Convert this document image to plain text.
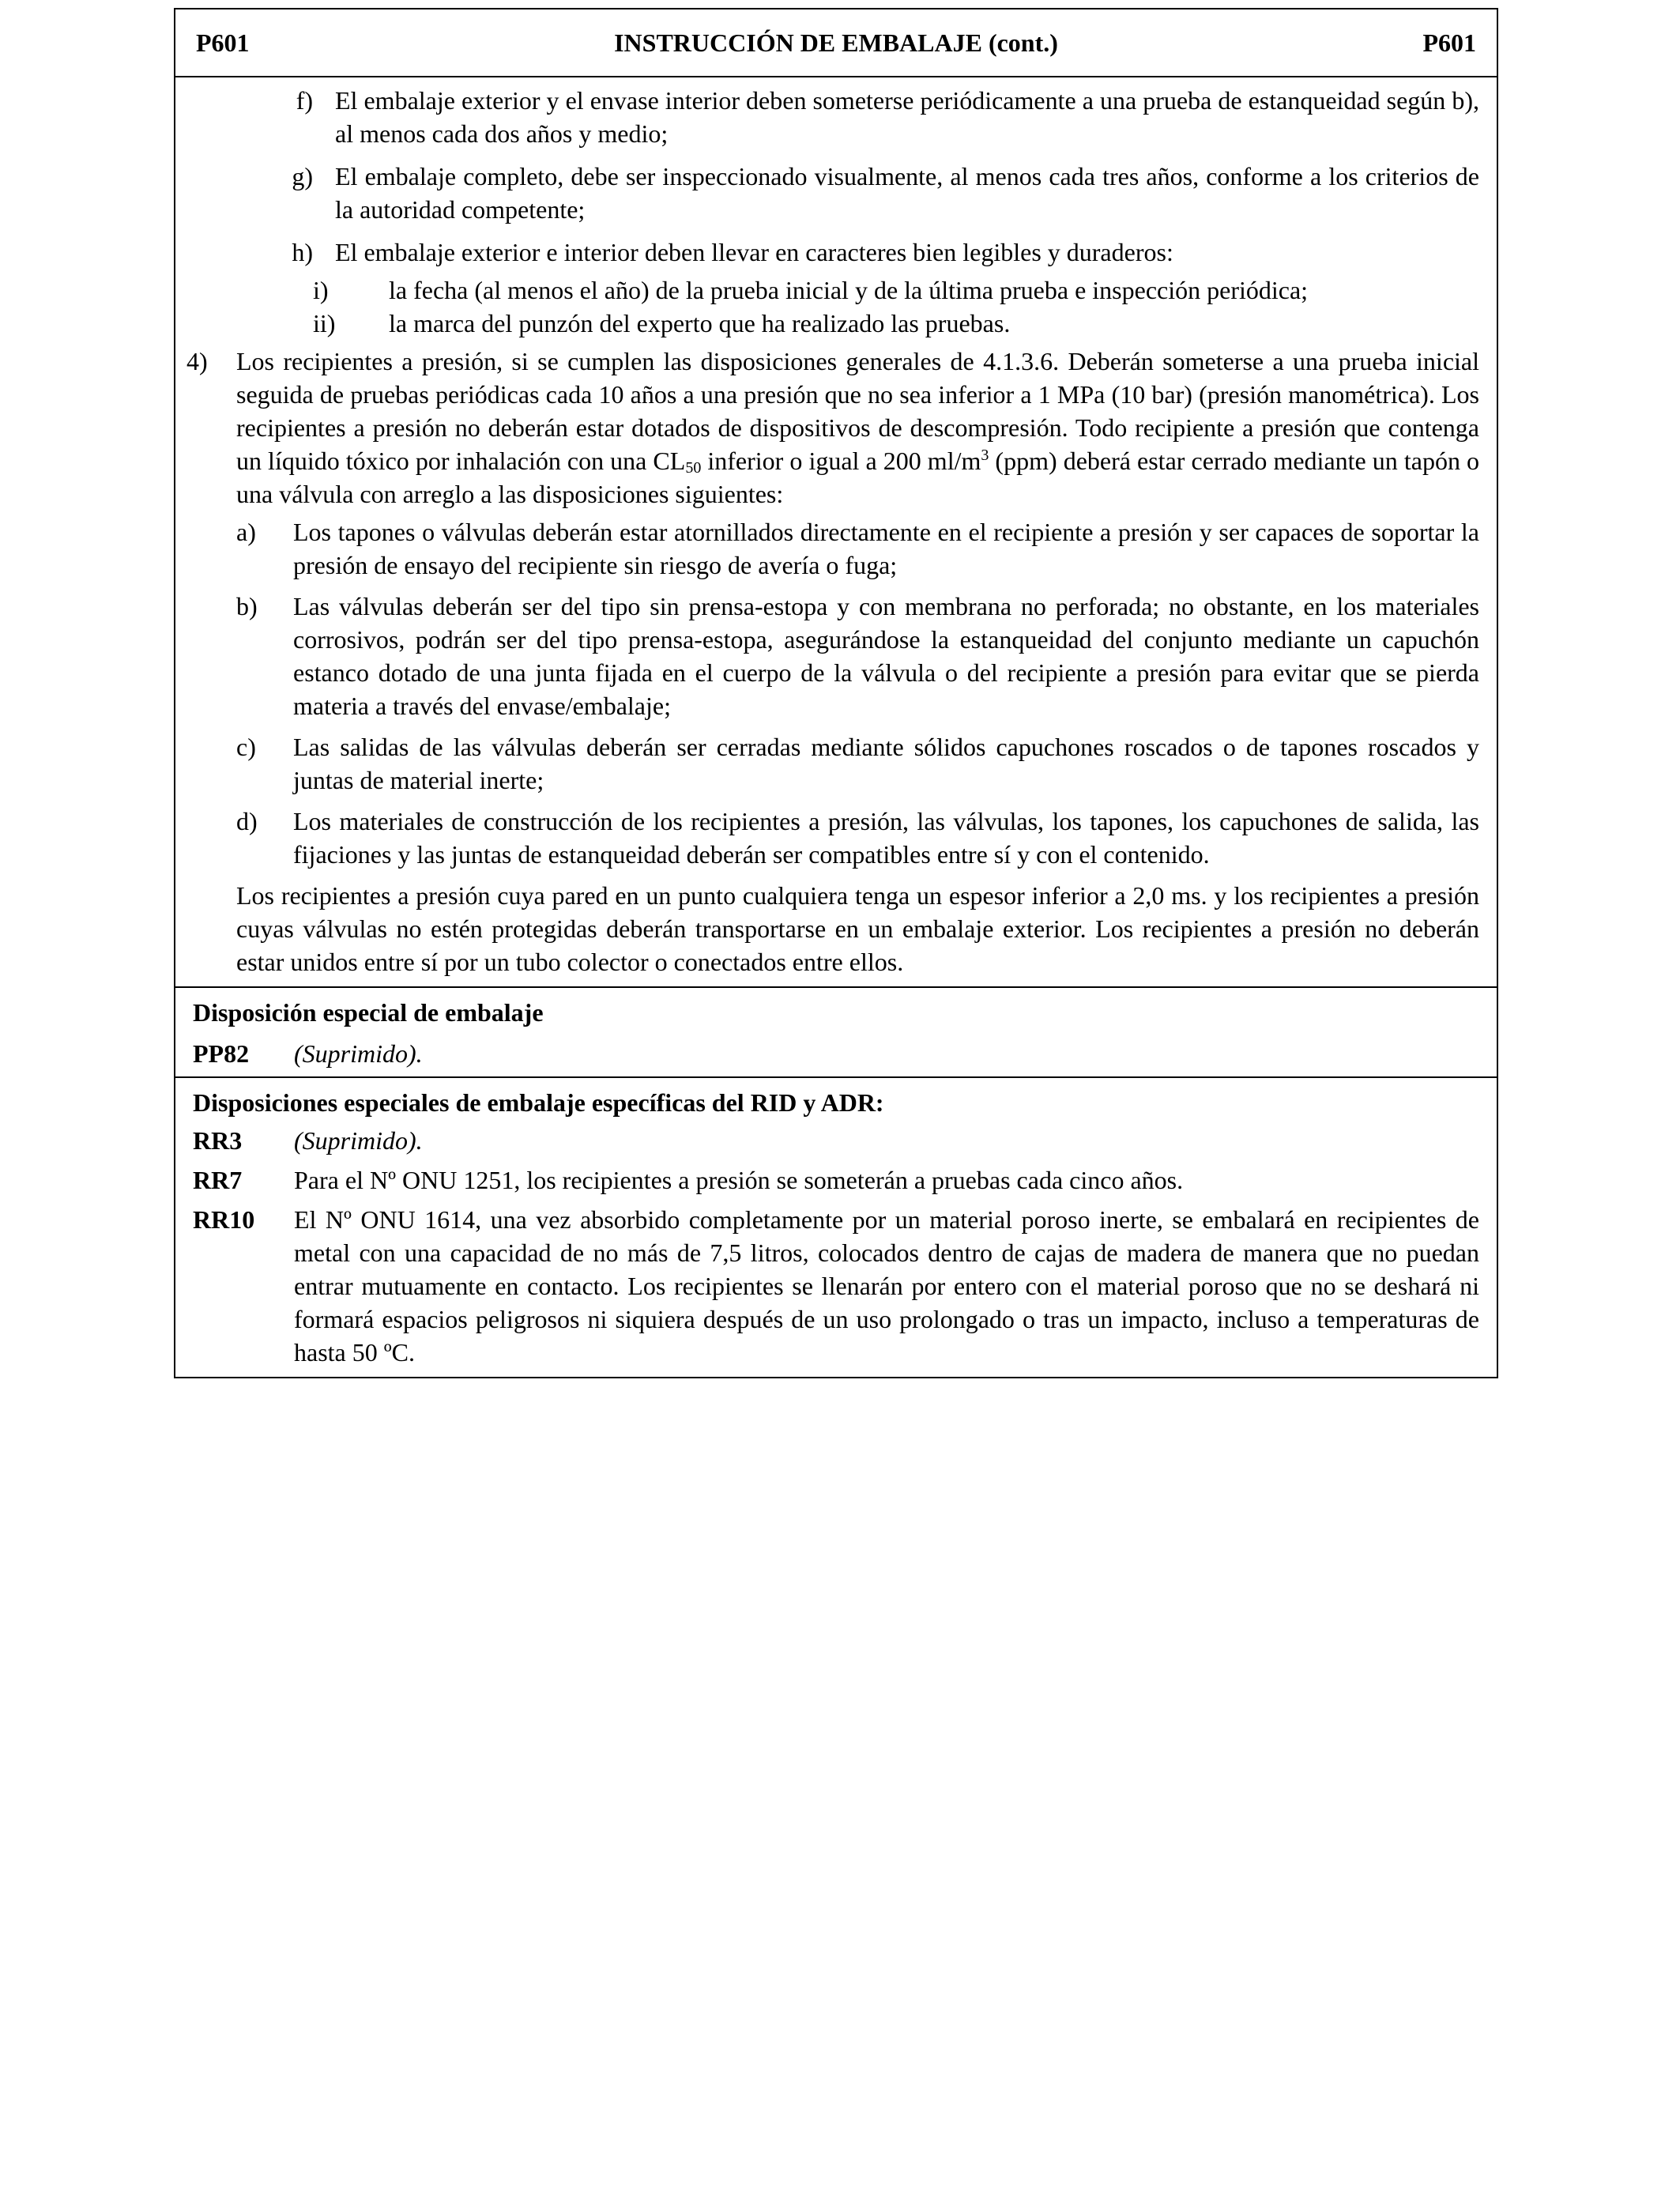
P601	INSTRUCCIÓN DE EMBALAJE (cont.)	P601
f) El embalaje exterior y el envase interior deben someterse periódicamente a una prueba de estanqueidad según b), al menos cada dos años y medio;
g) El embalaje completo, debe ser inspeccionado visualmente, al menos cada tres años, conforme a los criterios de la autoridad competente;
h) El embalaje exterior e interior deben llevar en caracteres bien legibles y duraderos:
i)	la fecha (al menos el año) de la prueba inicial y de la última prueba e inspección periódica;
ii)	la marca del punzón del experto que ha realizado las pruebas.
4)	Los recipientes a presión, si se cumplen las disposiciones generales de 4.1.3.6. Deberán someterse a una prueba inicial seguida de pruebas periódicas cada 10 años a una presión que no sea inferior a 1 MPa (10 bar) (presión manométrica). Los recipientes a presión no deberán estar dotados de dispositivos de descompresión. Todo recipiente a presión que contenga un líquido tóxico por inhalación con una $CL_{50}$ inferior o igual a 200 $ml/m^3$ (ppm) deberá estar cerrado mediante un tapón o una válvula con arreglo a las disposiciones siguientes:
a)	Los tapones o válvulas deberán estar atornillados directamente en el recipiente a presión y ser capaces de soportar la presión de ensayo del recipiente sin riesgo de avería o fuga;
b)	Las válvulas deberán ser del tipo sin prensa-estopa y con membrana no perforada; no obstante, en los materiales corrosivos, podrán ser del tipo prensa-estopa, asegurándose la estanqueidad del conjunto mediante un capuchón estanco dotado de una junta fijada en el cuerpo de la válvula o del recipiente a presión para evitar que se pierda materia a través del envase/embalaje;
c)	Las salidas de las válvulas deberán ser cerradas mediante sólidos capuchones roscados o de tapones roscados y juntas de material inerte;
d)	Los materiales de construcción de los recipientes a presión, las válvulas, los tapones, los capuchones de salida, las fijaciones y las juntas de estanqueidad deberán ser compatibles entre sí y con el contenido.

Los recipientes a presión cuya pared en un punto cualquiera tenga un espesor inferior a 2,0 ms. y los recipientes a presión cuyas válvulas no estén protegidas deberán transportarse en un embalaje exterior. Los recipientes a presión no deberán estar unidos entre sí por un tubo colector o conectados entre ellos.

Disposición especial de embalaje
PP82	(Suprimido).
Disposiciones especiales de embalaje específicas del RID y ADR:
RR3	(Suprimido).
RR7	Para el Nº ONU 1251, los recipientes a presión se someterán a pruebas cada cinco años.
RR10	El Nº ONU 1614, una vez absorbido completamente por un material poroso inerte, se embalará en recipientes de metal con una capacidad de no más de 7,5 litros, colocados dentro de cajas de madera de manera que no puedan entrar mutuamente en contacto. Los recipientes se llenarán por entero con el material poroso que no se deshará ni formará espacios peligrosos ni siquiera después de un uso prolongado o tras un impacto, incluso a temperaturas de hasta 50 ºC.
